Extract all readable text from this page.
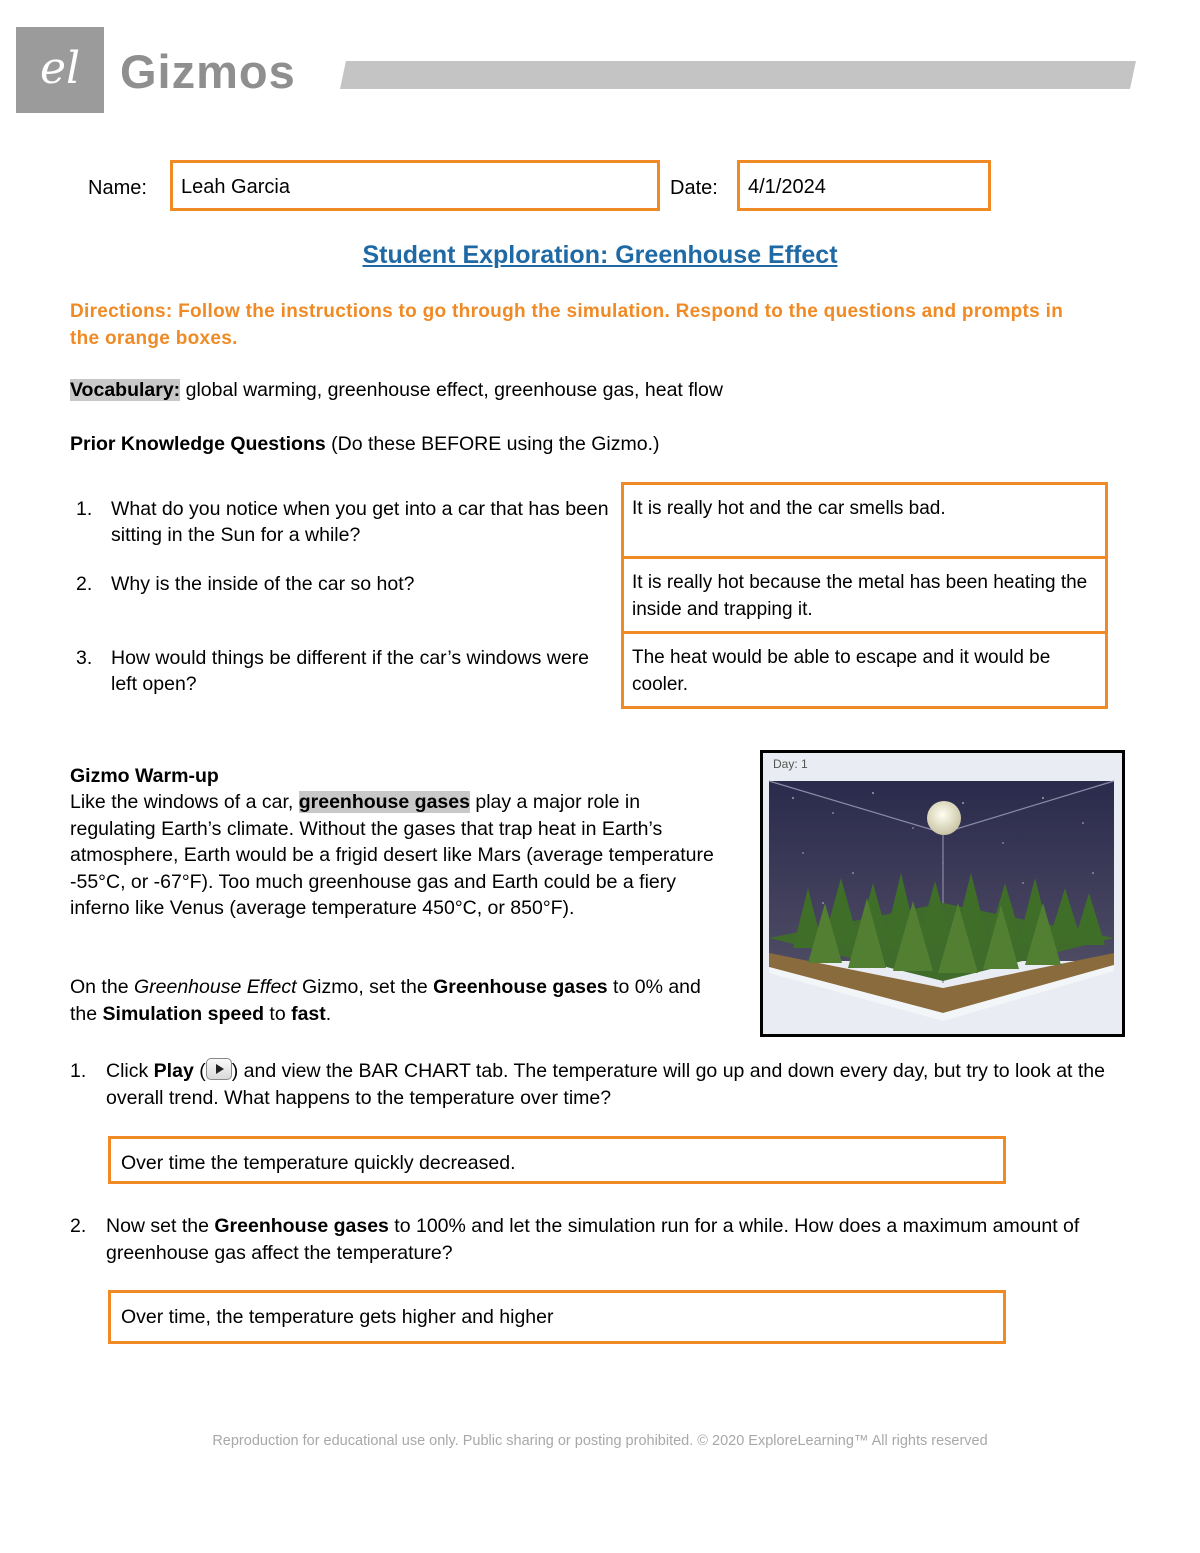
el Gizmos
Name:	Leah Garcia	Date:	4/1/2024
Student Exploration: Greenhouse Effect
Directions: Follow the instructions to go through the simulation. Respond to the questions and prompts in the orange boxes.
Vocabulary: global warming, greenhouse effect, greenhouse gas, heat flow
Prior Knowledge Questions (Do these BEFORE using the Gizmo.)
1. What do you notice when you get into a car that has been sitting in the Sun for a while?
It is really hot and the car smells bad.
2. Why is the inside of the car so hot?	It is really hot because the metal has been heating the inside and trapping it.
3. How would things be different if the car’s windows were left open?
The heat would be able to escape and it would be cooler.
Gizmo Warm-up
Like the windows of a car, greenhouse gases play a major role in regulating Earth’s climate. Without the gases that trap heat in Earth’s atmosphere, Earth would be a frigid desert like Mars (average temperature -55°C, or -67°F). Too much greenhouse gas and Earth could be a fiery inferno like Venus (average temperature 450°C, or 850°F).
On the Greenhouse Effect Gizmo, set the Greenhouse gases to 0% and the Simulation speed to fast.
Day: 1
1. Click Play ( ) and view the BAR CHART tab. The temperature will go up and down every day, but try to look at the overall trend. What happens to the temperature over time?
Over time the temperature quickly decreased.
2. Now set the Greenhouse gases to 100% and let the simulation run for a while. How does a maximum amount of greenhouse gas affect the temperature?
Over time, the temperature gets higher and higher
Reproduction for educational use only. Public sharing or posting prohibited. © 2020 ExploreLearning™ All rights reserved
